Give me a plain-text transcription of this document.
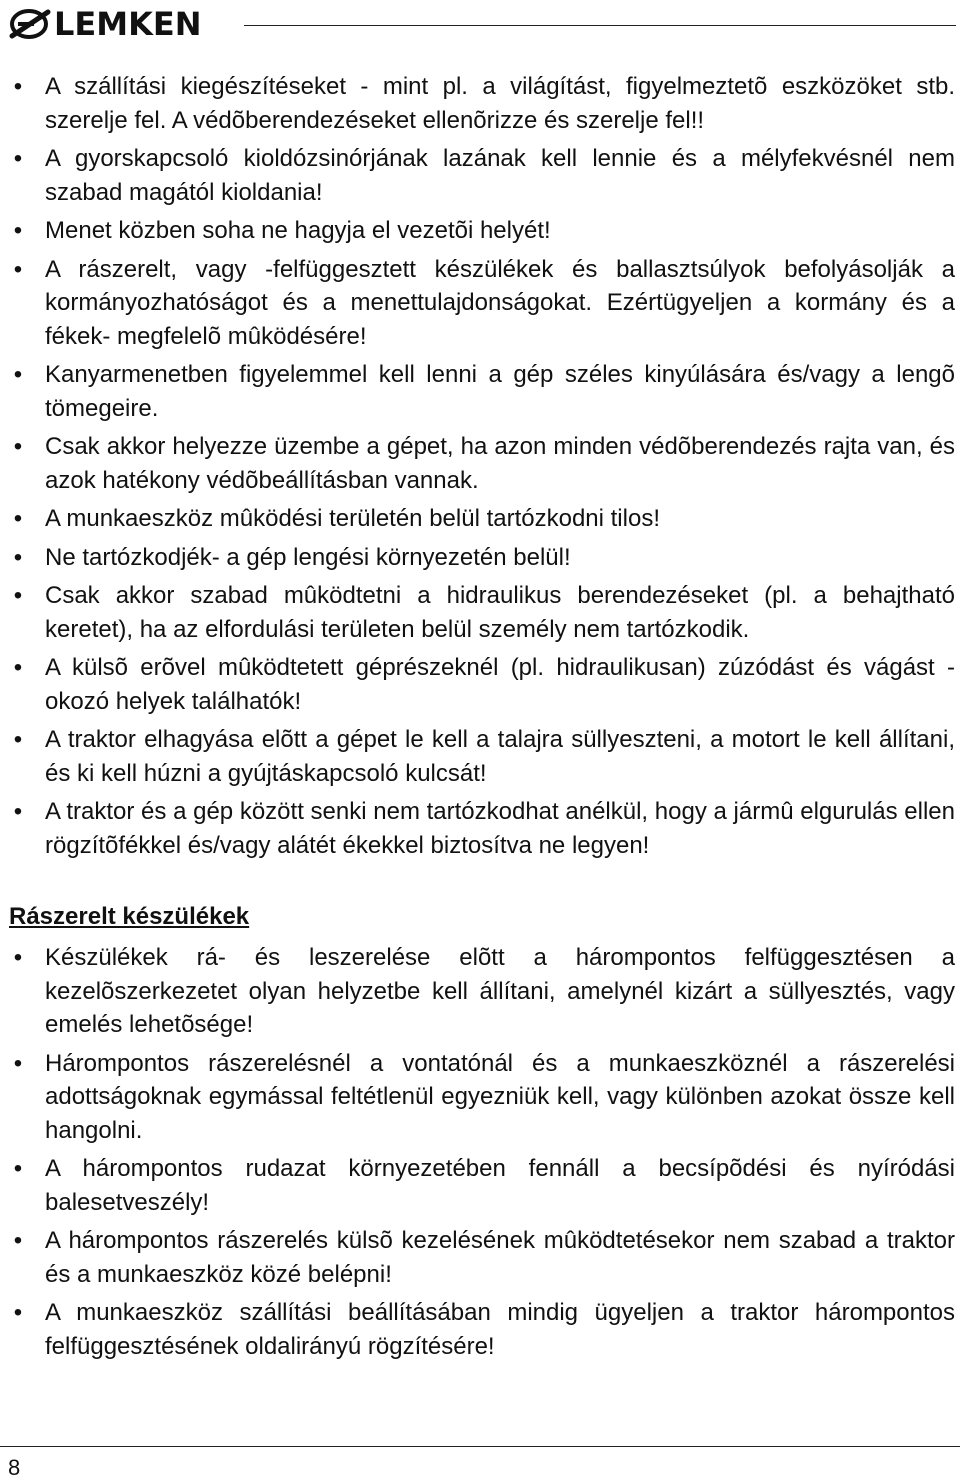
LEMKEN
• A szállítási kiegészítéseket - mint pl. a világítást, figyelmeztetõ eszközöket stb. szerelje fel. A védõberendezéseket ellenõrizze és szerelje fel!!
• A gyorskapcsoló kioldózsinórjának lazának kell lennie és a mélyfekvésnél nem szabad magától kioldania!
• Menet közben soha ne hagyja el vezetõi helyét!
• A rászerelt, vagy -felfüggesztett készülékek és ballasztsúlyok befolyásolják a kormányozhatóságot és a menettulajdonságokat. Ezértügyeljen a kormány és a fékek- megfelelõ mûködésére!
• Kanyarmenetben figyelemmel kell lenni a gép széles kinyúlására és/vagy a lengõ tömegeire.
• Csak akkor helyezze üzembe a gépet, ha azon minden védõberendezés rajta van, és azok hatékony védõbeállításban vannak.
• A munkaeszköz mûködési területén belül tartózkodni tilos!
• Ne tartózkodjék- a gép lengési környezetén belül!
• Csak akkor szabad mûködtetni a hidraulikus berendezéseket (pl. a behajtható keretet), ha az elfordulási területen belül személy nem tartózkodik.
• A külsõ erõvel mûködtetett géprészeknél (pl. hidraulikusan) zúzódást és vágást -okozó helyek találhatók!
• A traktor elhagyása elõtt a gépet le kell a talajra süllyeszteni, a motort le kell állítani, és ki kell húzni a gyújtáskapcsoló kulcsát!
• A traktor és a gép között senki nem tartózkodhat anélkül, hogy a jármû elgurulás ellen rögzítõfékkel és/vagy alátét ékekkel biztosítva ne legyen!
Rászerelt készülékek
• Készülékek rá- és leszerelése elõtt a hárompontos felfüggesztésen a kezelõszerkezetet olyan helyzetbe kell állítani, amelynél kizárt a süllyesztés, vagy emelés lehetõsége!
• Hárompontos rászerelésnél a vontatónál és a munkaeszköznél a rászerelési adottságoknak egymással feltétlenül egyezniük kell, vagy különben azokat össze kell hangolni.
• A hárompontos rudazat környezetében fennáll a becsípõdési és nyíródási balesetveszély!
• A hárompontos rászerelés külsõ kezelésének mûködtetésekor nem szabad a traktor és a munkaeszköz közé belépni!
• A munkaeszköz szállítási beállításában mindig ügyeljen a traktor hárompontos felfüggesztésének oldalirányú rögzítésére!
8
